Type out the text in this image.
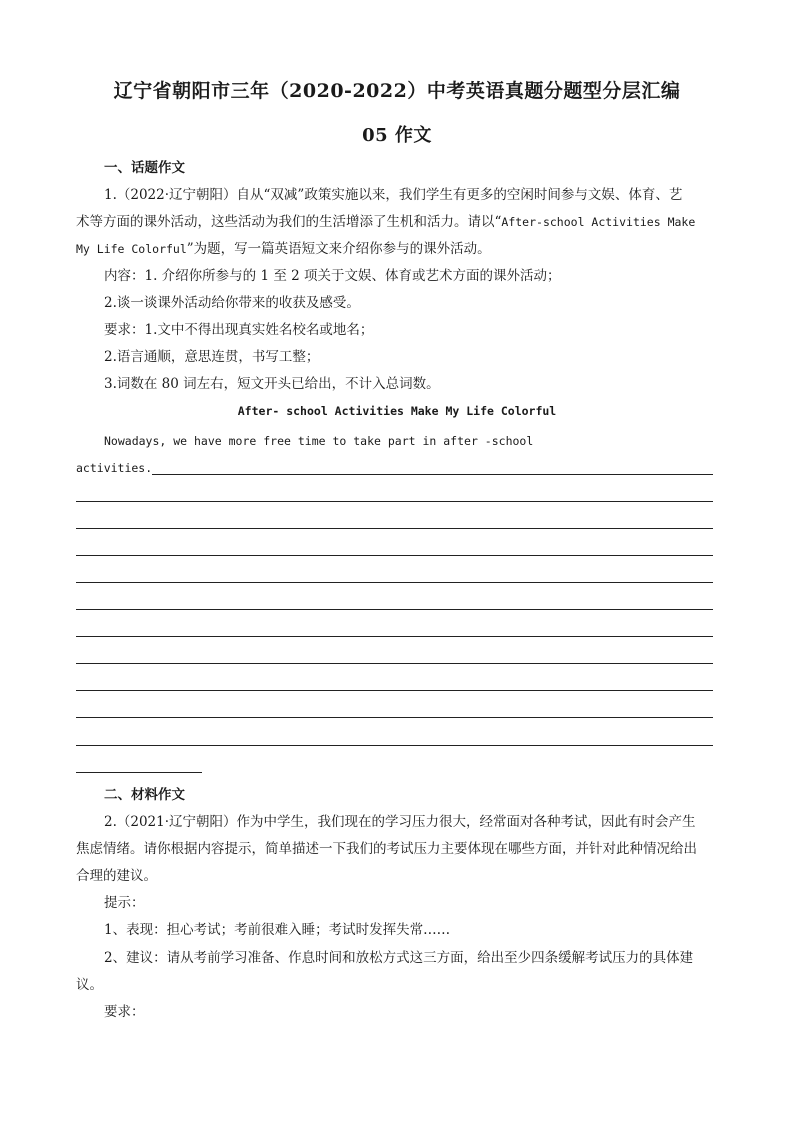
辽宁省朝阳市三年（2020-2022）中考英语真题分题型分层汇编
05 作文
一、话题作文
1.（2022·辽宁朝阳）自从“双减”政策实施以来，我们学生有更多的空闲时间参与文娱、体育、艺
术等方面的课外活动，这些活动为我们的生活增添了生机和活力。请以“After-school Activities Make
My Life Colorful”为题，写一篇英语短文来介绍你参与的课外活动。
内容：1. 介绍你所参与的 1 至 2 项关于文娱、体育或艺术方面的课外活动；
2.谈一谈课外活动给你带来的收获及感受。
要求：1.文中不得出现真实姓名校名或地名；
2.语言通顺，意思连贯，书写工整；
3.词数在 80 词左右，短文开头已给出，不计入总词数。
After- school Activities Make My Life Colorful
Nowadays, we have more free time to take part in after -school
activities.
二、材料作文
2.（2021·辽宁朝阳）作为中学生，我们现在的学习压力很大，经常面对各种考试，因此有时会产生
焦虑情绪。请你根据内容提示，简单描述一下我们的考试压力主要体现在哪些方面，并针对此种情况给出
合理的建议。
提示：
1、表现：担心考试；考前很难入睡；考试时发挥失常……
2、建议：请从考前学习准备、作息时间和放松方式这三方面，给出至少四条缓解考试压力的具体建
议。
要求：
